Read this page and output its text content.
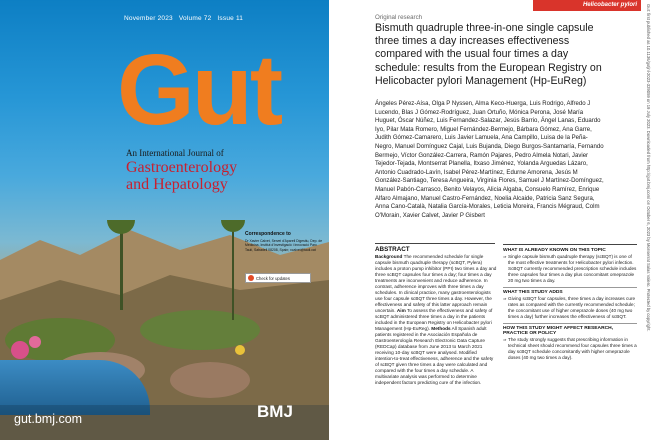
November 2023 Volume 72 Issue 11
Gut
An International Journal of
Gastroenterology
and Hepatology
Correspondence to
Dr Xavier Calvet, Servei d'Aparell Digestiu, Dep. de Medicina, Institut d'Investigació i Innovació Parc Taulí, Sabadell 08208, Spain; xcalvet@tauli.cat
Check for updates
gut.bmj.com	BMJ
Helicobacter pylori
Original research
Bismuth quadruple three-in-one single capsule three times a day increases effectiveness compared with the usual four times a day schedule: results from the European Registry on Helicobacter pylori Management (Hp-EuReg)
Ángeles Pérez-Aísa, Olga P Nyssen, Alma Keco-Huerga, Luis Rodrigo, Alfredo J Lucendo, Blas J Gómez-Rodríguez, Juan Ortuño, Mónica Perona, José María Huguet, Óscar Núñez, Luis Fernandez-Salazar, Jesús Barrio, Ángel Lanas, Eduardo Iyo, Pilar Mata Romero, Miguel Fernández-Bermejo, Bárbara Gómez, Ana Garre, Judith Gómez-Camarero, Luis Javier Lamuela, Ana Campillo, Luisa de la Peña-Negro, Manuel Domínguez Cajal, Luis Bujanda, Diego Burgos-Santamaría, Fernando Bermejo, Víctor González-Carrera, Ramón Pajares, Pedro Almela Notari, Javier Tejedor-Tejada, Montserrat Planella, Itxaso Jiménez, Yolanda Arguedas Lázaro, Antonio Cuadrado-Lavín, Isabel Pérez-Martínez, Edurne Amorena, Jesús M González-Santiago, Teresa Angueira, Virginia Flores, Samuel J Martínez-Domínguez, Manuel Pabón-Carrasco, Benito Velayos, Alicia Algaba, Consuelo Ramírez, Enrique Alfaro Almajano, Manuel Castro-Fernández, Noelia Alcaide, Patricia Sanz Segura, Anna Cano-Català, Natalia García-Morales, Leticia Moreira, Francis Mégraud, Colm O'Morain, Xavier Calvet, Javier P Gisbert
ABSTRACT
Background The recommended schedule for single capsule bismuth quadruple therapy (scBQT, Pylera) includes a proton pump inhibitor (PPI) two times a day and three scBQT capsules four times a day; four times a day treatments are inconvenient and reduce adherence. In contrast, adherence improves with three times a day schedules. In clinical practice, many gastroenterologists use four capsule scBQT three times a day. However, the effectiveness and safety of this latter approach remain uncertain. Aim To assess the effectiveness and safety of scBQT administered three times a day in the patients included in the European Registry on Helicobacter pylori Management (Hp-EuReg). Methods All Spanish adult patients registered in the Asociación Española de Gastroenterología Research Electronic Data Capture (REDCap) database from June 2013 to March 2021 receiving 10-day scBQT were analysed. Modified intention-to-treat effectiveness, adherence and the safety of scBQT given three times a day were calculated and compared with the four times a day schedule. A multivariate analysis was performed to determine independent factors predicting cure of the infection.
WHAT IS ALREADY KNOWN ON THIS TOPIC
⇒ Single capsule bismuth quadruple therapy (scBQT) is one of the most effective treatments for Helicobacter pylori infection. ScBQT currently recommended prescription schedule includes three capsules four times a day plus concomitant omeprazole 20 mg two times a day.
WHAT THIS STUDY ADDS
⇒ Giving scBQT four capsules, three times a day increases cure rates as compared with the currently recommended schedule; the concomitant use of higher omeprazole doses (40 mg two times a day) further increases the effectiveness of scBQT.
HOW THIS STUDY MIGHT AFFECT RESEARCH, PRACTICE OR POLICY
⇒ The study strongly suggests that prescribing information in technical sheet should recommend four capsules three times a day scBQT schedule concomitantly with higher omeprazole doses (40 mg two times a day).
Gut: first published as 10.1136/gutjnl-2023-329059 on 19 July 2023. Downloaded from http://gut.bmj.com/ on October 6, 2023 by Monserrat Salas Valero. Protected by copyright.
